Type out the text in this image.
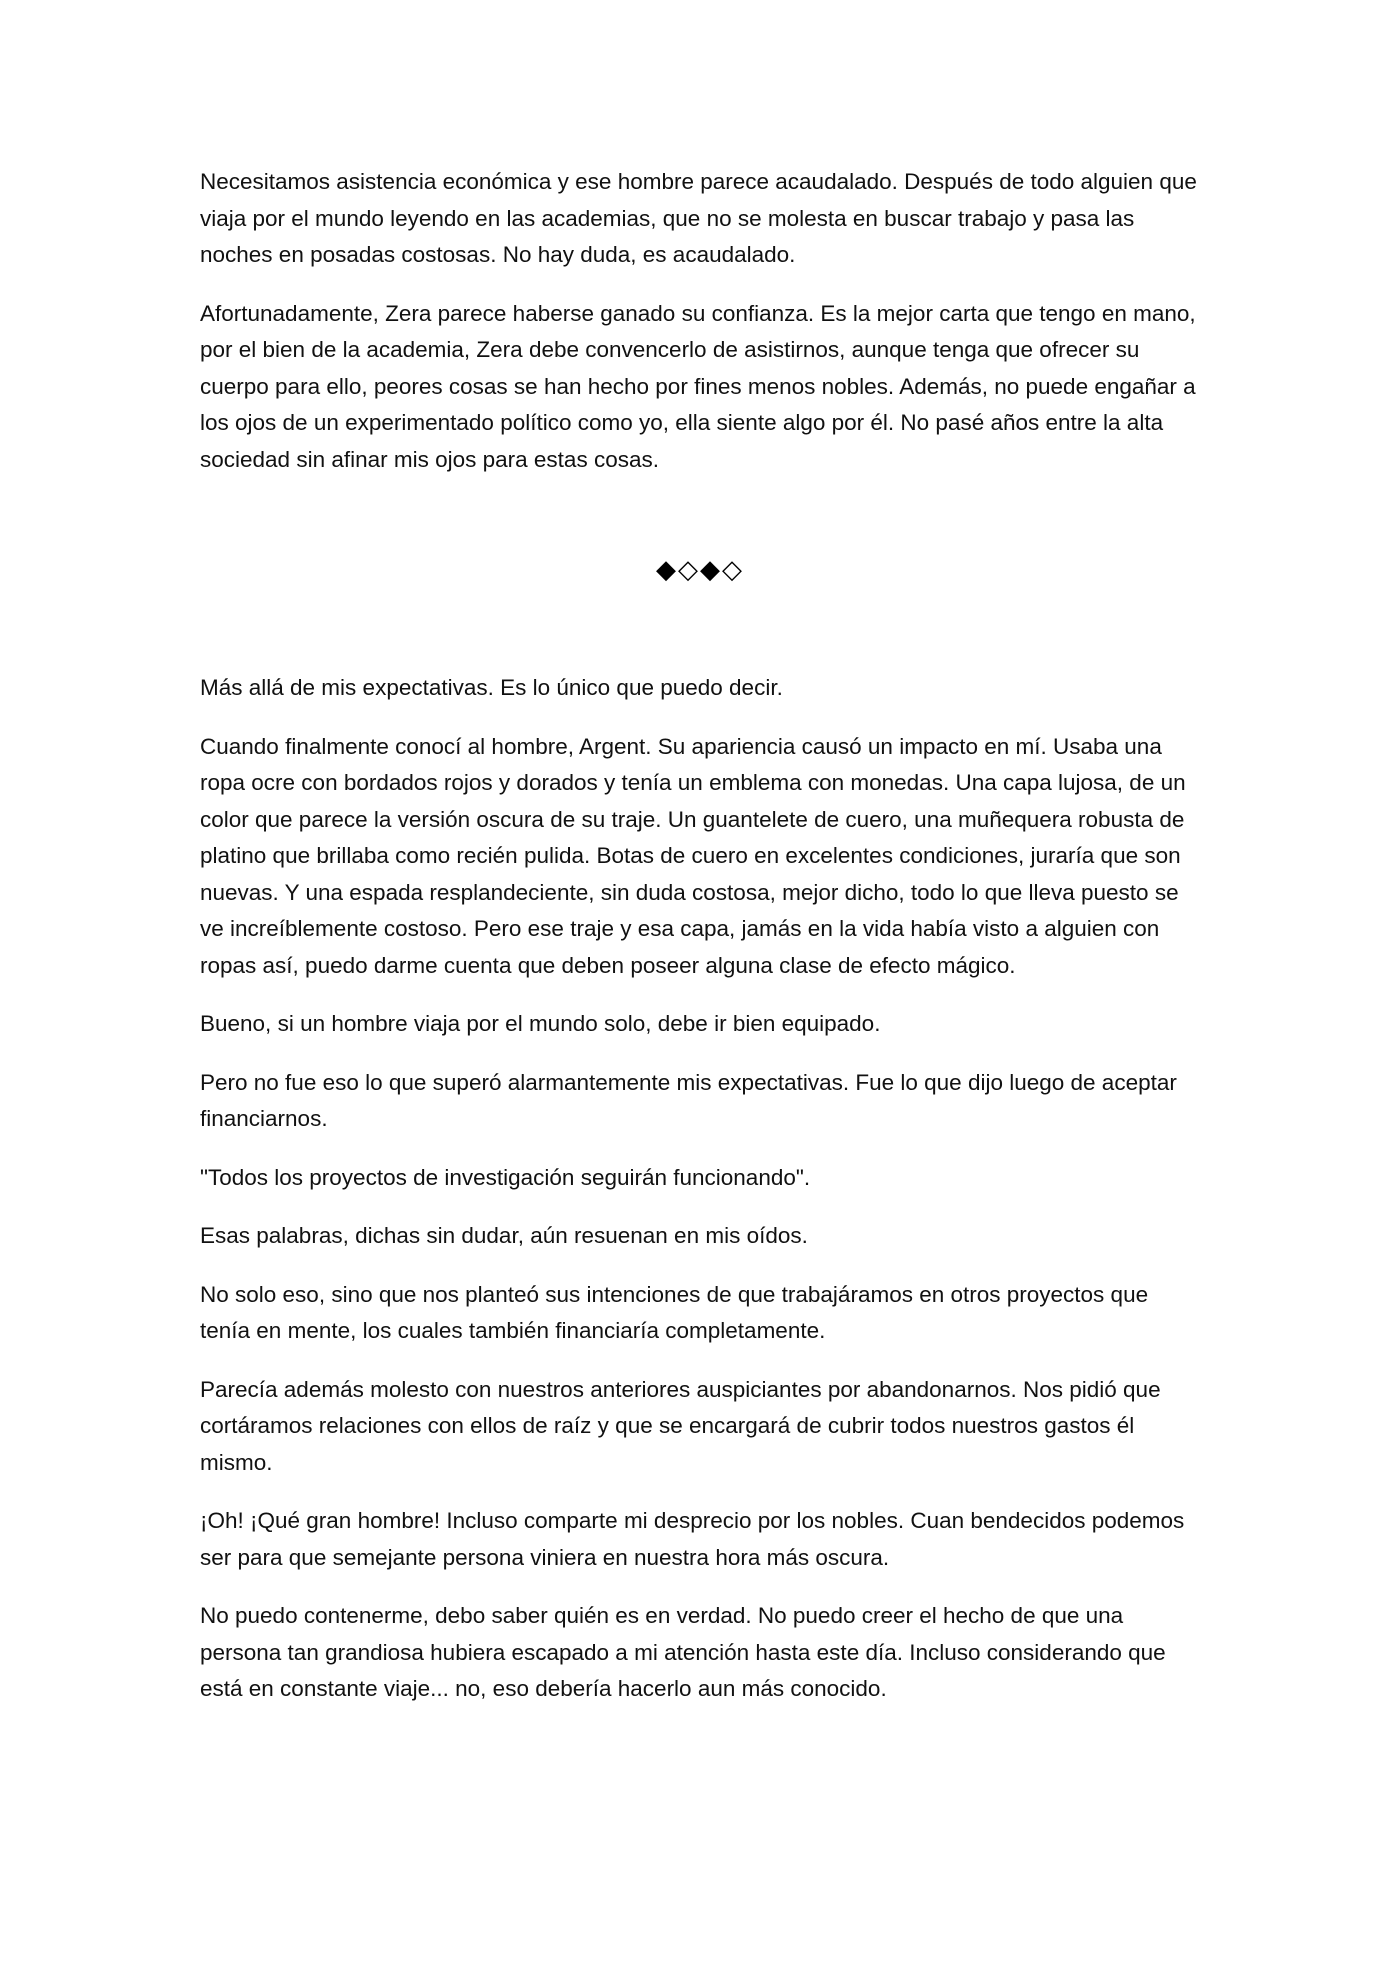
Necesitamos asistencia económica y ese hombre parece acaudalado. Después de todo alguien que viaja por el mundo leyendo en las academias, que no se molesta en buscar trabajo y pasa las noches en posadas costosas. No hay duda, es acaudalado.

Afortunadamente, Zera parece haberse ganado su confianza. Es la mejor carta que tengo en mano, por el bien de la academia, Zera debe convencerlo de asistirnos, aunque tenga que ofrecer su cuerpo para ello, peores cosas se han hecho por fines menos nobles. Además, no puede engañar a los ojos de un experimentado político como yo, ella siente algo por él. No pasé años entre la alta sociedad sin afinar mis ojos para estas cosas.

◆◇◆◇

Más allá de mis expectativas. Es lo único que puedo decir.

Cuando finalmente conocí al hombre, Argent. Su apariencia causó un impacto en mí. Usaba una ropa ocre con bordados rojos y dorados y tenía un emblema con monedas. Una capa lujosa, de un color que parece la versión oscura de su traje. Un guantelete de cuero, una muñequera robusta de platino que brillaba como recién pulida. Botas de cuero en excelentes condiciones, juraría que son nuevas. Y una espada resplandeciente, sin duda costosa, mejor dicho, todo lo que lleva puesto se ve increíblemente costoso. Pero ese traje y esa capa, jamás en la vida había visto a alguien con ropas así, puedo darme cuenta que deben poseer alguna clase de efecto mágico.

Bueno, si un hombre viaja por el mundo solo, debe ir bien equipado.

Pero no fue eso lo que superó alarmantemente mis expectativas. Fue lo que dijo luego de aceptar financiarnos.

"Todos los proyectos de investigación seguirán funcionando".

Esas palabras, dichas sin dudar, aún resuenan en mis oídos.

No solo eso, sino que nos planteó sus intenciones de que trabajáramos en otros proyectos que tenía en mente, los cuales también financiaría completamente.

Parecía además molesto con nuestros anteriores auspiciantes por abandonarnos. Nos pidió que cortáramos relaciones con ellos de raíz y que se encargará de cubrir todos nuestros gastos él mismo.

¡Oh! ¡Qué gran hombre! Incluso comparte mi desprecio por los nobles. Cuan bendecidos podemos ser para que semejante persona viniera en nuestra hora más oscura.

No puedo contenerme, debo saber quién es en verdad. No puedo creer el hecho de que una persona tan grandiosa hubiera escapado a mi atención hasta este día. Incluso considerando que está en constante viaje... no, eso debería hacerlo aun más conocido.
